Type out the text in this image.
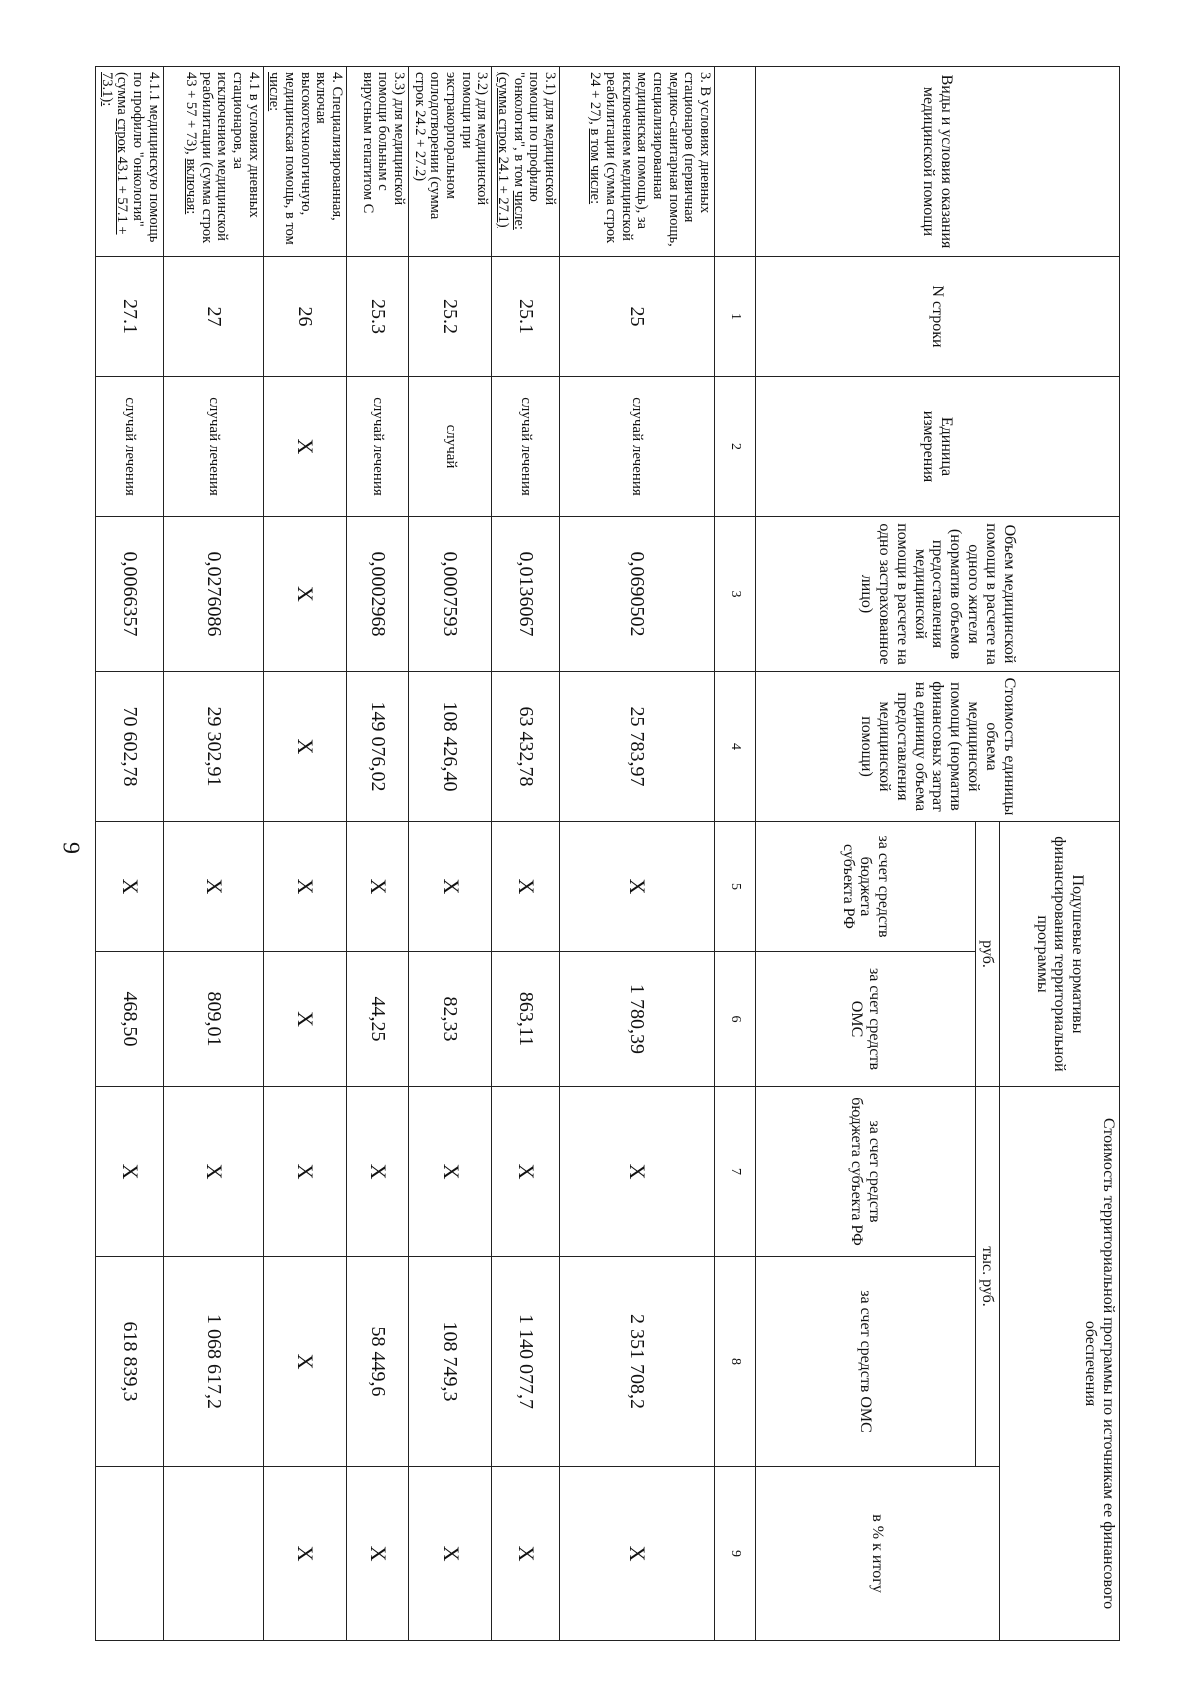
9
Виды и условия оказания медицинской помощи	N строки	Единица измерения	Объем медицинской помощи в расчете на одного жителя (норматив объемов предоставления медицинской помощи в расчете на одно застрахованное лицо)	Стоимость единицы объема медицинской помощи (норматив финансовых затрат на единицу объема предоставления медицинской помощи)	Подушевые нормативы финансирования территориальной программы		Стоимость территориальной программы по источникам ее финансового обеспечения		
					руб.		тыс. руб.		в % к итогу
					за счет средств бюджета субъекта РФ	за счет средств ОМС	за счет средств бюджета субъекта РФ	за счет средств ОМС	
	1	2	3	4	5	6	7	8	9
3. В условиях дневных стационаров (первичная медико-санитарная помощь, специализированная медицинская помощь), за исключением медицинской реабилитации (сумма строк 24 + 27), в том числе:	25	случай лечения	0,0690502	25 783,97	X	1 780,39	X	2 351 708,2	X
3.1) для медицинской помощи по профилю "онкология", в том числе: (сумма строк 24.1 + 27.1)	25.1	случай лечения	0,0136067	63 432,78	X	863,11	X	1 140 077,7	X
3.2) для медицинской помощи при экстракорпоральном оплодотворении (сумма строк 24.2 + 27.2)	25.2	случай	0,0007593	108 426,40	X	82,33	X	108 749,3	X
3.3) для медицинской помощи больным с вирусным гепатитом С	25.3	случай лечения	0,0002968	149 076,02	X	44,25	X	58 449,6	X
4. Специализированная, включая высокотехнологичную, медицинская помощь, в том числе:	26	X	X	X	X	X	X	X	X
4.1 в условиях дневных стационаров, за исключением медицинской реабилитации (сумма строк 43 + 57 + 73), включая:	27	случай лечения	0,0276086	29 302,91	X	809,01	X	1 068 617,2	
4.1.1 медицинскую помощь по профилю "онкология" (сумма строк 43.1 + 57.1 + 73.1):	27.1	случай лечения	0,0066357	70 602,78	X	468,50	X	618 839,3	
